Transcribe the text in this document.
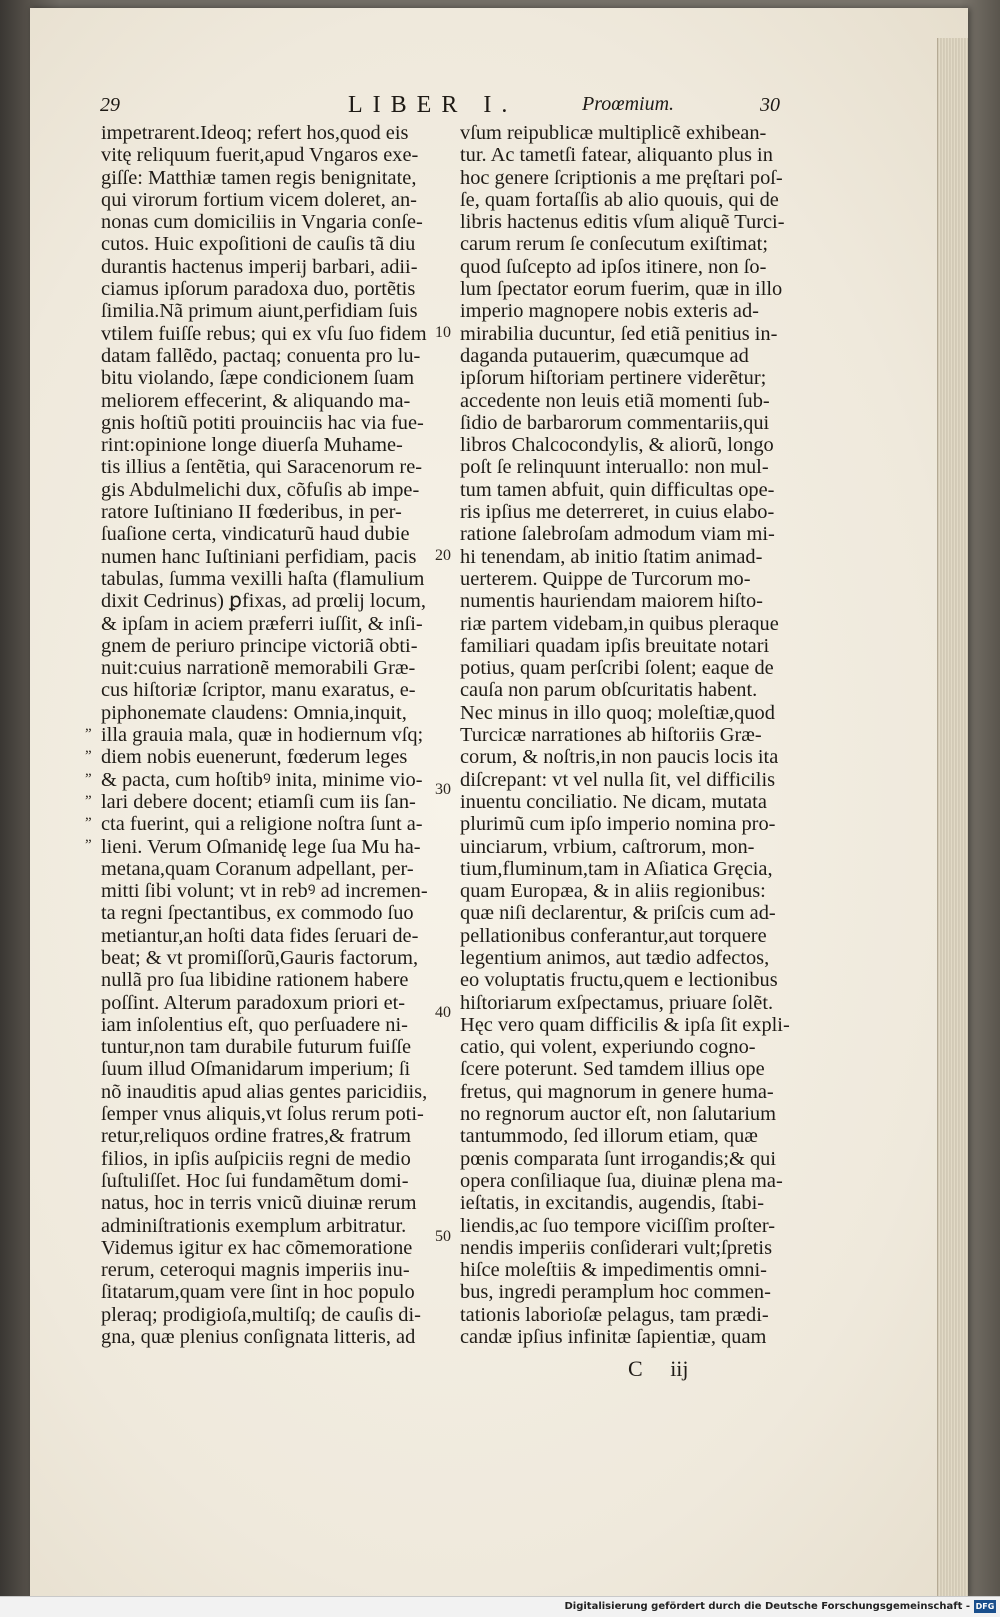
29	LIBER I.	Proœmium.	30
impetrarent.Ideoq; refert hos,quod eis
vitę reliquum fuerit,apud Vngaros exe-
giſſe: Matthiæ tamen regis benignitate,
qui virorum fortium vicem doleret, an-
nonas cum domiciliis in Vngaria conſe-
cutos. Huic expoſitioni de cauſis tã diu
durantis hactenus imperij barbari, adii-
ciamus ipſorum paradoxa duo, portẽtis
ſimilia.Nã primum aiunt,perfidiam ſuis
vtilem fuiſſe rebus; qui ex vſu ſuo fidem
datam fallẽdo, pactaq; conuenta pro lu-
bitu violando, ſæpe condicionem ſuam
meliorem effecerint, & aliquando ma-
gnis hoſtiũ potiti prouinciis hac via fue-
rint:opinione longe diuerſa Muhame-
tis illius a ſentẽtia, qui Saracenorum re-
gis Abdulmelichi dux, cõfuſis ab impe-
ratore Iuſtiniano II fœderibus, in per-
ſuaſione certa, vindicaturũ haud dubie
numen hanc Iuſtiniani perfidiam, pacis
tabulas, ſumma vexilli haſta (flamulium
dixit Cedrinus) ꝑfixas, ad prœlij locum,
& ipſam in aciem præferri iuſſit, & inſi-
gnem de periuro principe victoriã obti-
nuit:cuius narrationẽ memorabili Græ-
cus hiſtoriæ ſcriptor, manu exaratus, e-
piphonemate claudens: Omnia,inquit,
illa grauia mala, quæ in hodiernum vſq;
diem nobis euenerunt, fœderum leges
& pacta, cum hoſtibꝰ inita, minime vio-
lari debere docent; etiamſi cum iis ſan-
cta fuerint, qui a religione noſtra ſunt a-
lieni. Verum Oſmanidę lege ſua Mu ha-
metana,quam Coranum adpellant, per-
mitti ſibi volunt; vt in rebꝰ ad incremen-
ta regni ſpectantibus, ex commodo ſuo
metiantur,an hoſti data fides ſeruari de-
beat; & vt promiſſorũ,Gauris factorum,
nullã pro ſua libidine rationem habere
poſſint. Alterum paradoxum priori et-
iam inſolentius eſt, quo perſuadere ni-
tuntur,non tam durabile futurum fuiſſe
ſuum illud Oſmanidarum imperium; ſi
nõ inauditis apud alias gentes paricidiis,
ſemper vnus aliquis,vt ſolus rerum poti-
retur,reliquos ordine fratres,& fratrum
filios, in ipſis auſpiciis regni de medio
ſuſtuliſſet. Hoc ſui fundamẽtum domi-
natus, hoc in terris vnicũ diuinæ rerum
adminiſtrationis exemplum arbitratur.
Videmus igitur ex hac cõmemoratione
rerum, ceteroqui magnis imperiis inu-
ſitatarum,quam vere ſint in hoc populo
pleraq; prodigioſa,multiſq; de cauſis di-
gna, quæ plenius conſignata litteris, ad
vſum reipublicæ multiplicẽ exhibean-
tur. Ac tametſi fatear, aliquanto plus in
hoc genere ſcriptionis a me pręſtari poſ-
ſe, quam fortaſſis ab alio quouis, qui de
libris hactenus editis vſum aliquẽ Turci-
carum rerum ſe conſecutum exiſtimat;
quod ſuſcepto ad ipſos itinere, non ſo-
lum ſpectator eorum fuerim, quæ in illo
imperio magnopere nobis exteris ad-
mirabilia ducuntur, ſed etiã penitius in-
daganda putauerim, quæcumque ad
ipſorum hiſtoriam pertinere viderẽtur;
accedente non leuis etiã momenti ſub-
ſidio de barbarorum commentariis,qui
libros Chalcocondylis, & aliorũ, longo
poſt ſe relinquunt interuallo: non mul-
tum tamen abfuit, quin difficultas ope-
ris ipſius me deterreret, in cuius elabo-
ratione ſalebroſam admodum viam mi-
hi tenendam, ab initio ſtatim animad-
uerterem. Quippe de Turcorum mo-
numentis hauriendam maiorem hiſto-
riæ partem videbam,in quibus pleraque
familiari quadam ipſis breuitate notari
potius, quam perſcribi ſolent; eaque de
cauſa non parum obſcuritatis habent.
Nec minus in illo quoq; moleſtiæ,quod
Turcicæ narrationes ab hiſtoriis Græ-
corum, & noſtris,in non paucis locis ita
diſcrepant: vt vel nulla ſit, vel difficilis
inuentu conciliatio. Ne dicam, mutata
plurimũ cum ipſo imperio nomina pro-
uinciarum, vrbium, caſtrorum, mon-
tium,fluminum,tam in Aſiatica Gręcia,
quam Europæa, & in aliis regionibus:
quæ niſi declarentur, & priſcis cum ad-
pellationibus conferantur,aut torquere
legentium animos, aut tædio adfectos,
eo voluptatis fructu,quem e lectionibus
hiſtoriarum exſpectamus, priuare ſolẽt.
Hęc vero quam difficilis & ipſa ſit expli-
catio, qui volent, experiundo cogno-
ſcere poterunt. Sed tamdem illius ope
fretus, qui magnorum in genere huma-
no regnorum auctor eſt, non ſalutarium
tantummodo, ſed illorum etiam, quæ
pœnis comparata ſunt irrogandis;& qui
opera conſiliaque ſua, diuinæ plena ma-
ieſtatis, in excitandis, augendis, ſtabi-
liendis,ac ſuo tempore viciſſim proſter-
nendis imperiis conſiderari vult;ſpretis
hiſce moleſtiis & impedimentis omni-
bus, ingredi peramplum hoc commen-
tationis laborioſæ pelagus, tam prædi-
candæ ipſius infinitæ ſapientiæ, quam
„
„
„
„
„
„
10
20
30
40
50
C iij
Digitalisierung gefördert durch die Deutsche Forschungsgemeinschaft - DFG
